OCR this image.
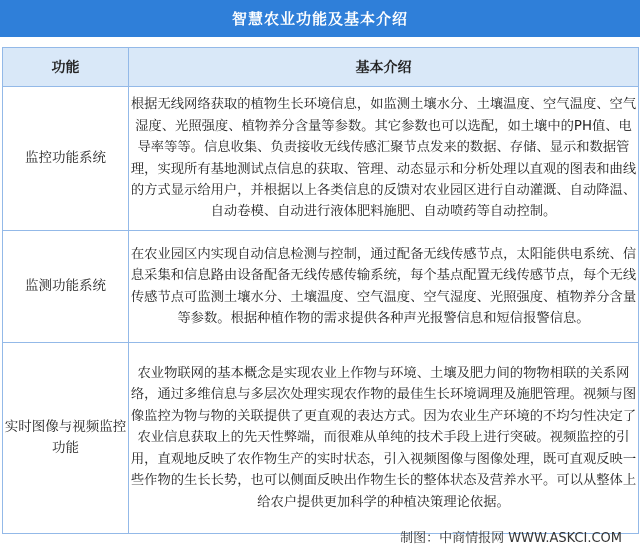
智慧农业功能及基本介绍
功能	基本介绍
监控功能系统	根据无线网络获取的植物生长环境信息，如监测土壤水分、土壤温度、空气温度、空气湿度、光照强度、植物养分含量等参数。其它参数也可以选配，如土壤中的PH值、电导率等等。信息收集、负责接收无线传感汇聚节点发来的数据、存储、显示和数据管理，实现所有基地测试点信息的获取、管理、动态显示和分析处理以直观的图表和曲线的方式显示给用户，并根据以上各类信息的反馈对农业园区进行自动灌溉、自动降温、自动卷模、自动进行液体肥料施肥、自动喷药等自动控制。
监测功能系统	在农业园区内实现自动信息检测与控制，通过配备无线传感节点，太阳能供电系统、信息采集和信息路由设备配备无线传感传输系统，每个基点配置无线传感节点，每个无线传感节点可监测土壤水分、土壤温度、空气温度、空气湿度、光照强度、植物养分含量等参数。根据种植作物的需求提供各种声光报警信息和短信报警信息。
实时图像与视频监控功能	农业物联网的基本概念是实现农业上作物与环境、土壤及肥力间的物物相联的关系网络，通过多维信息与多层次处理实现农作物的最佳生长环境调理及施肥管理。视频与图像监控为物与物的关联提供了更直观的表达方式。因为农业生产环境的不均匀性决定了农业信息获取上的先天性弊端，而很难从单纯的技术手段上进行突破。视频监控的引用，直观地反映了农作物生产的实时状态，引入视频图像与图像处理，既可直观反映一些作物的生长长势，也可以侧面反映出作物生长的整体状态及营养水平。可以从整体上给农户提供更加科学的种植决策理论依据。
制图：中商情报网 WWW.ASKCI.COM
